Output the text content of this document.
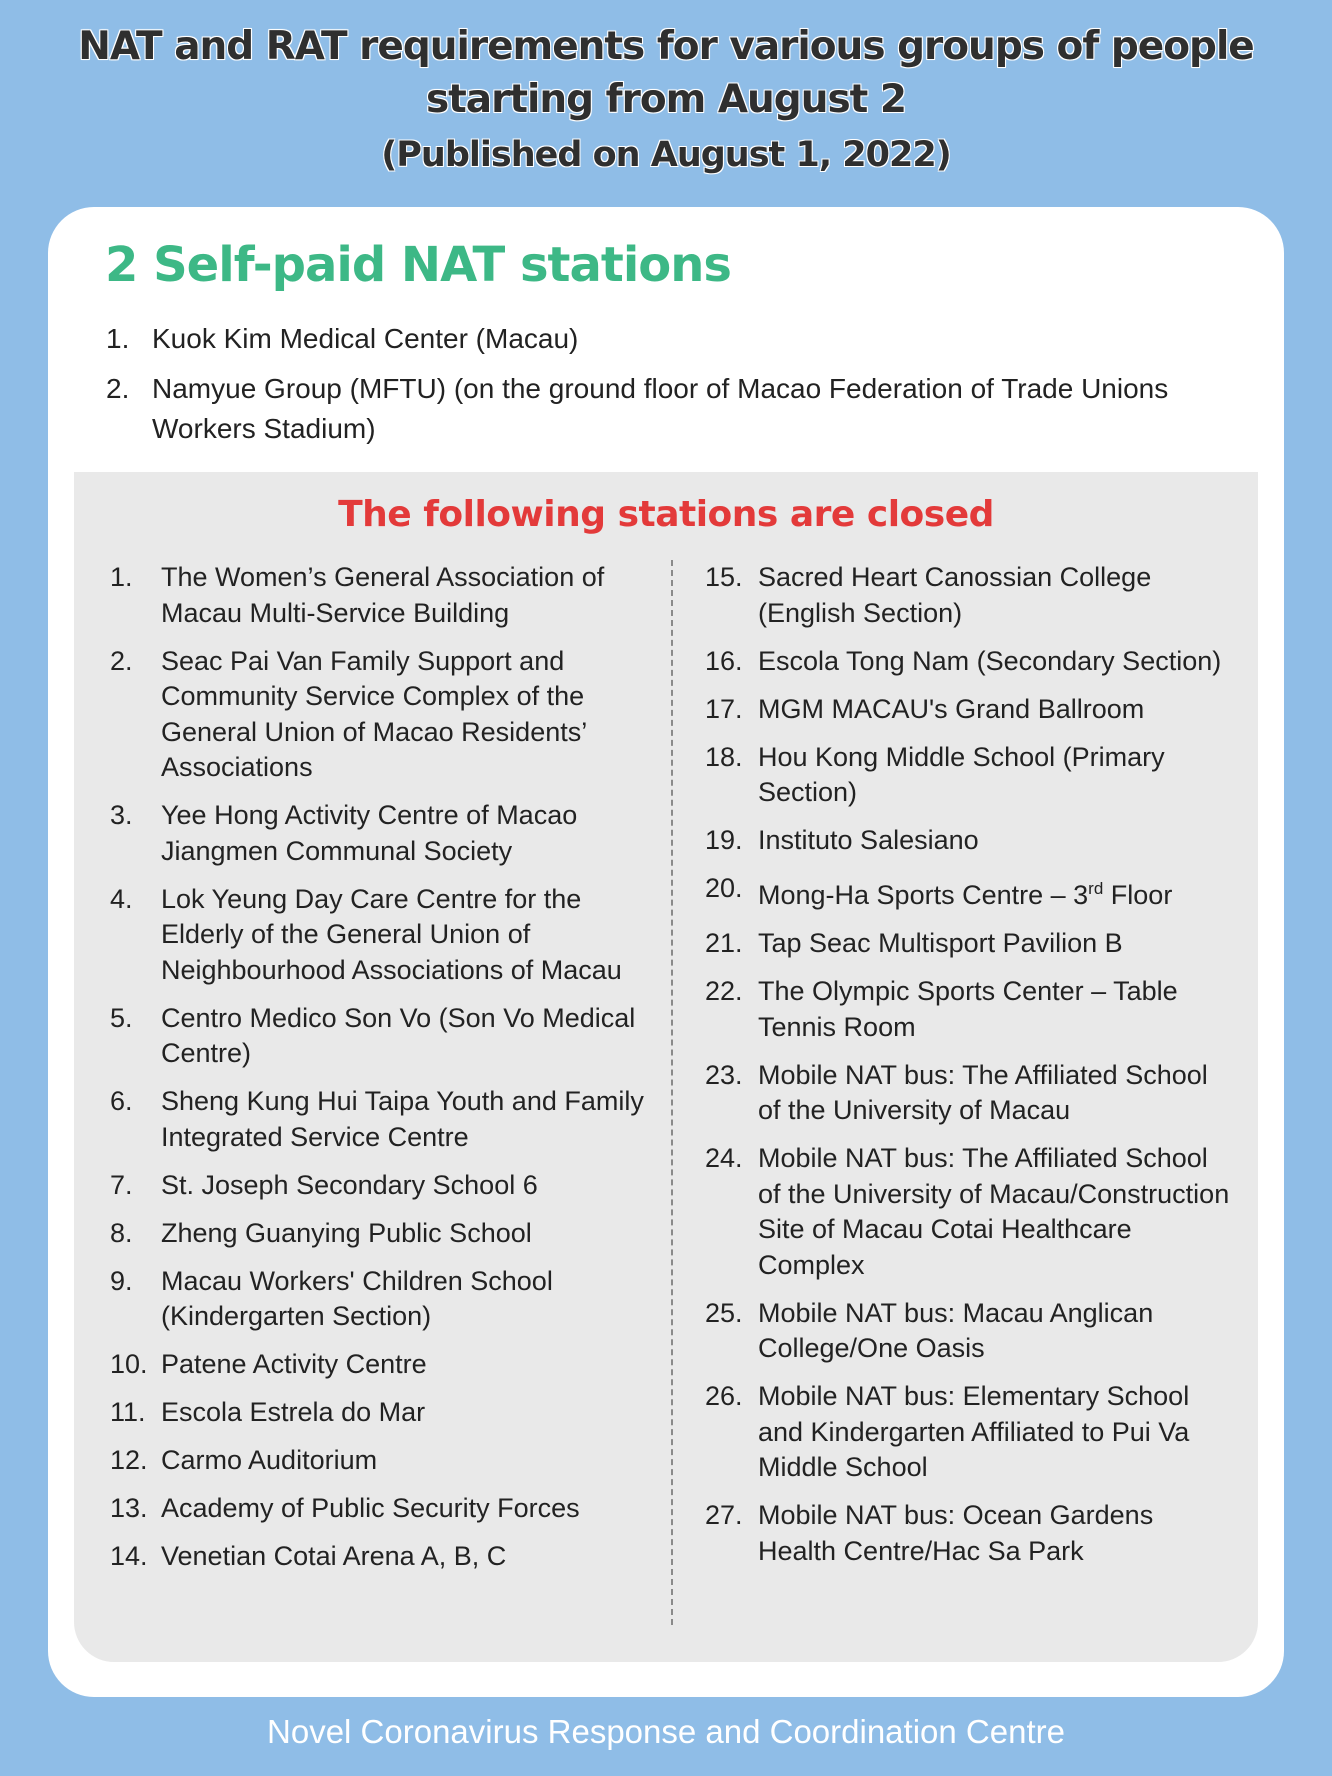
NAT and RAT requirements for various groups of people
starting from August 2
(Published on August 1, 2022)
2 Self-paid NAT stations
1. Kuok Kim Medical Center (Macau)
2. Namyue Group (MFTU) (on the ground floor of Macao Federation of Trade Unions Workers Stadium)
The following stations are closed
1.	The Women’s General Association of Macau Multi-Service Building
2.	Seac Pai Van Family Support and Community Service Complex of the General Union of Macao Residents’ Associations
3.	Yee Hong Activity Centre of Macao Jiangmen Communal Society
4.	Lok Yeung Day Care Centre for the Elderly of the General Union of Neighbourhood Associations of Macau
5.	Centro Medico Son Vo (Son Vo Medical Centre)
6.	Sheng Kung Hui Taipa Youth and Family Integrated Service Centre
7.	St. Joseph Secondary School 6
8.	Zheng Guanying Public School
9.	Macau Workers' Children School (Kindergarten Section)
10. Patene Activity Centre
11. Escola Estrela do Mar
12. Carmo Auditorium
13. Academy of Public Security Forces
14. Venetian Cotai Arena A, B, C
15. Sacred Heart Canossian College (English Section)
16. Escola Tong Nam (Secondary Section)
17. MGM MACAU's Grand Ballroom
18. Hou Kong Middle School (Primary Section)
19. Instituto Salesiano
20. Mong-Ha Sports Centre – 3rd Floor
21. Tap Seac Multisport Pavilion B
22. The Olympic Sports Center – Table Tennis Room
23. Mobile NAT bus: The Affiliated School of the University of Macau
24. Mobile NAT bus: The Affiliated School of the University of Macau/Construction Site of Macau Cotai Healthcare Complex
25. Mobile NAT bus: Macau Anglican College/One Oasis
26. Mobile NAT bus: Elementary School and Kindergarten Affiliated to Pui Va Middle School
27. Mobile NAT bus: Ocean Gardens Health Centre/Hac Sa Park
Novel Coronavirus Response and Coordination Centre
